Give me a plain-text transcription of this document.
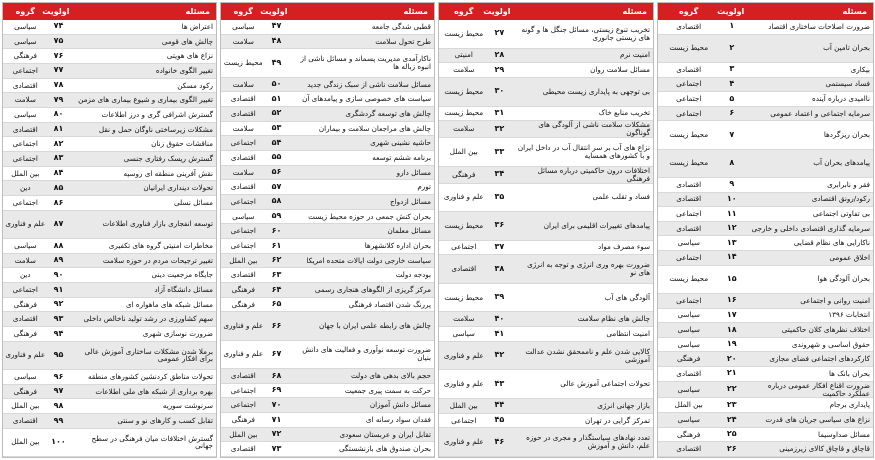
مسئله
اولویت
گروه
ضرورت اصلاحات ساختاری اقتصاد
۱
اقتصادی
بحران تامین آب
۲
محیط زیست
بیکاری
۳
اقتصادی
فساد سیستمی
۴
اجتماعی
ناامیدی درباره آینده
۵
اجتماعی
سرمایه اجتماعی و اعتماد عمومی
۶
اجتماعی
بحران ریزگردها
۷
محیط زیست
پیامدهای بحران آب
۸
محیط زیست
فقر و نابرابری
۹
اقتصادی
رکود/رونق اقتصادی
۱۰
اقتصادی
بی تفاوتی اجتماعی
۱۱
اجتماعی
سرمایه گذاری اقتصادی داخلی و خارجی
۱۲
اقتصادی
ناکارایی های نظام قضایی
۱۳
سیاسی
اخلاق عمومی
۱۴
اجتماعی
بحران آلودگی هوا
۱۵
محیط زیست
امنیت روانی و اجتماعی
۱۶
اجتماعی
انتخابات ۱۳۹۶
۱۷
سیاسی
اختلاف نظرهای کلان حاکمیتی
۱۸
سیاسی
حقوق اساسی و شهروندی
۱۹
سیاسی
کارکردهای اجتماعی فضای مجازی
۲۰
فرهنگی
بحران بانک ها
۲۱
اقتصادی
ضرورت اقناع افکار عمومی درباره عملکرد حاکمیت
۲۲
سیاسی
پایداری برجام
۲۳
بین الملل
نزاع های سیاسی جریان های قدرت
۲۴
سیاسی
مسائل صداوسیما
۲۵
فرهنگی
قاچاق و قاچاق کالای زیرزمینی
۲۶
اقتصادی
مسئله
اولویت
گروه
تخریب تنوع زیستی، مسائل جنگل ها و گونه های زیستی جانوری
۲۷
محیط زیست
امنیت نرم
۲۸
امنیتی
مسائل سلامت روان
۲۹
سلامت
بی توجهی به پایداری زیست محیطی
۳۰
محیط زیست
تخریب منابع خاک
۳۱
محیط زیست
مشکلات سلامت ناشی از آلودگی های گوناگون
۳۲
سلامت
نزاع های آب بر سر انتقال آب در داخل ایران و با کشورهای همسایه
۳۳
بین الملل
اختلافات درون حاکمیتی درباره مسائل فرهنگی
۳۴
فرهنگی
فساد و تقلب علمی
۳۵
علم و فناوری
پیامدهای تغییرات اقلیمی برای ایران
۳۶
محیط زیست
سوء مصرف مواد
۳۷
اجتماعی
ضرورت بهره وری انرژی و توجه به انرژی های نو
۳۸
اقتصادی
آلودگی های آب
۳۹
محیط زیست
چالش های نظام سلامت
۴۰
سلامت
امنیت انتظامی
۴۱
سیاسی
کالایی شدن علم و ناممحقق نشدن عدالت آموزشی
۴۲
علم و فناوری
تحولات اجتماعی آموزش عالی
۴۳
علم و فناوری
بازار جهانی انرژی
۴۴
بین الملل
تمرکز گرایی در تهران
۴۵
اجتماعی
تعدد نهادهای سیاستگذار و مجری در حوزه علم، دانش و آموزش
۴۶
علم و فناوری
مسئله
اولویت
گروه
قطبی شدگی جامعه
۴۷
سیاسی
طرح تحول سلامت
۴۸
سلامت
ناکارآمدی مدیریت پسماند و مسائل ناشی از انبوه زباله ها
۴۹
محیط زیست
مسائل سلامت ناشی از سبک زندگی جدید
۵۰
سلامت
سیاست های خصوصی سازی و پیامدهای آن
۵۱
اقتصادی
چالش های توسعه گردشگری
۵۲
اقتصادی
چالش های مراجعان سلامت و بیماران
۵۳
سلامت
حاشیه نشینی شهری
۵۴
اجتماعی
برنامه ششم توسعه
۵۵
اقتصادی
مسائل دارو
۵۶
سلامت
تورم
۵۷
اقتصادی
مسائل ازدواج
۵۸
اجتماعی
بحران کنش جمعی در حوزه محیط زیست
۵۹
سیاسی
مسائل معلمان
۶۰
اجتماعی
بحران اداره کلانشهرها
۶۱
اجتماعی
سیاست خارجی دولت ایالات متحده امریکا
۶۲
بین الملل
بودجه دولت
۶۳
اقتصادی
مرکز گریزی از الگوهای هنجاری رسمی
۶۴
فرهنگی
پررنگ شدن اقتصاد فرهنگی
۶۵
فرهنگی
چالش های رابطه علمی ایران با جهان
۶۶
علم و فناوری
ضرورت توسعه نوآوری و فعالیت های دانش بنیان
۶۷
علم و فناوری
حجم بالای بدهی های دولت
۶۸
اقتصادی
حرکت به سمت پیری جمعیت
۶۹
اجتماعی
مسائل دانش آموزان
۷۰
اجتماعی
فقدان سواد رسانه ای
۷۱
فرهنگی
تقابل ایران و عربستان سعودی
۷۲
بین الملل
بحران صندوق های بازنشستگی
۷۳
اقتصادی
مسئله
اولویت
گروه
اعتراض ها
۷۴
سیاسی
چالش های قومی
۷۵
سیاسی
نزاع های هویتی
۷۶
فرهنگی
تغییر الگوی خانواده
۷۷
اجتماعی
رکود مسکن
۷۸
اقتصادی
تغییر الگوی بیماری و شیوع بیماری های مزمن
۷۹
سلامت
گسترش اشرافی گری و درز اطلاعات
۸۰
سیاسی
مشکلات زیرساختی ناوگان حمل و نقل
۸۱
اقتصادی
مناقشات حقوق زنان
۸۲
اجتماعی
گسترش ریسک رفتاری جنسی
۸۳
اجتماعی
نقش آفرینی منطقه ای روسیه
۸۴
بین الملل
تحولات دینداری ایرانیان
۸۵
دین
مسائل نسلی
۸۶
اجتماعی
توسعه انفجاری بازار فناوری اطلاعات
۸۷
علم و فناوری
مخاطرات امنیتی گروه های تکفیری
۸۸
سیاسی
تغییر ترجیحات مردم در حوزه سلامت
۸۹
سلامت
جایگاه مرجعیت دینی
۹۰
دین
مسائل دانشگاه آزاد
۹۱
اجتماعی
مسائل شبکه های ماهواره ای
۹۲
فرهنگی
سهم کشاورزی در رشد تولید ناخالص داخلی
۹۳
اقتصادی
ضرورت نوسازی شهری
۹۴
فرهنگی
برملا شدن مشکلات ساختاری آموزش عالی برای افکار عمومی
۹۵
علم و فناوری
تحولات مناطق کردنشین کشورهای منطقه
۹۶
سیاسی
بهره برداری از شبکه های ملی اطلاعات
۹۷
فرهنگی
سرنوشت سوریه
۹۸
بین الملل
تقابل کسب و کارهای نو و سنتی
۹۹
اقتصادی
گسترش اختلافات میان فرهنگی در سطح جهانی
۱۰۰
بین الملل
